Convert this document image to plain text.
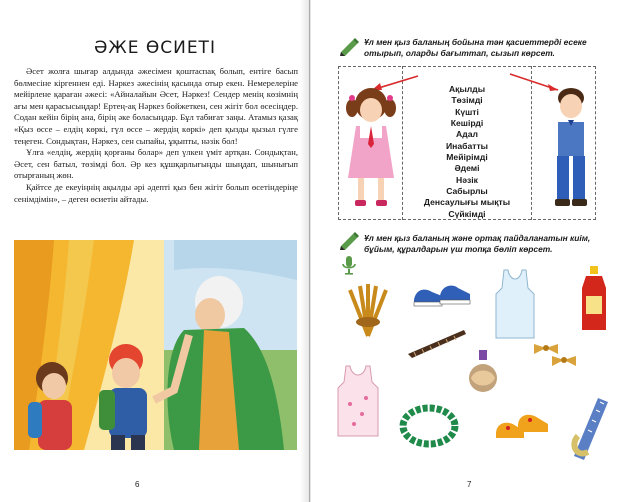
ӘЖЕ ӨСИЕТІ

Әсет жолға шығар алдында әжесімен қоштаспақ болып, ентіге басып бөлмесіне кіргеннен еді. Нәркез әжесінің қасында отыр екен. Немерелеріне мейірлене қараған әжесі: «Айналайын Әсет, Нәркез! Сендер менің көзімнің ағы мен қарасысыңдар! Ертең-ақ Нәркез бойжеткен, сен жігіт бол өсесіңдер. Содан кейін бірің ана, бірің әке боласыңдар. Бұл табиғат заңы. Атамыз қазақ «Қыз өссе – елдің көркі, гүл өссе – жердің көркі» деп қызды қызыл гүлге теңеген. Сондықтан, Нәркез, сен сыпайы, ұқыпты, нәзік бол!

Ұлға «елдің, жердің қорғаны болар» деп үлкен үміт артқан. Сондықтан, Әсет, сен батыл, төзімді бол. Әр кез құшқарлығыңды шыңдап, шынығып отырғаның жөн.

Қайтсе де екеуіңнің ақылды әрі әдепті қыз бен жігіт болып өсетіндеріңе сенімдімін», – деген өсиетін айтады.

6
Ұл мен қыз баланың бойына тән қасиеттерді есеке отырып, оларды бағыттап, сызып көрсет.
Ақылды
Төзімді
Күшті
Кешірді
Адал
Инабатты
Мейірімді
Әдемі
Нәзік
Сабырлы
Денсаулығы мықты
Сүйкімді
Ұл мен қыз баланың және ортақ пайдаланатын киім, бұйым, құралдарын үш топқа бөліп көрсет.
7
